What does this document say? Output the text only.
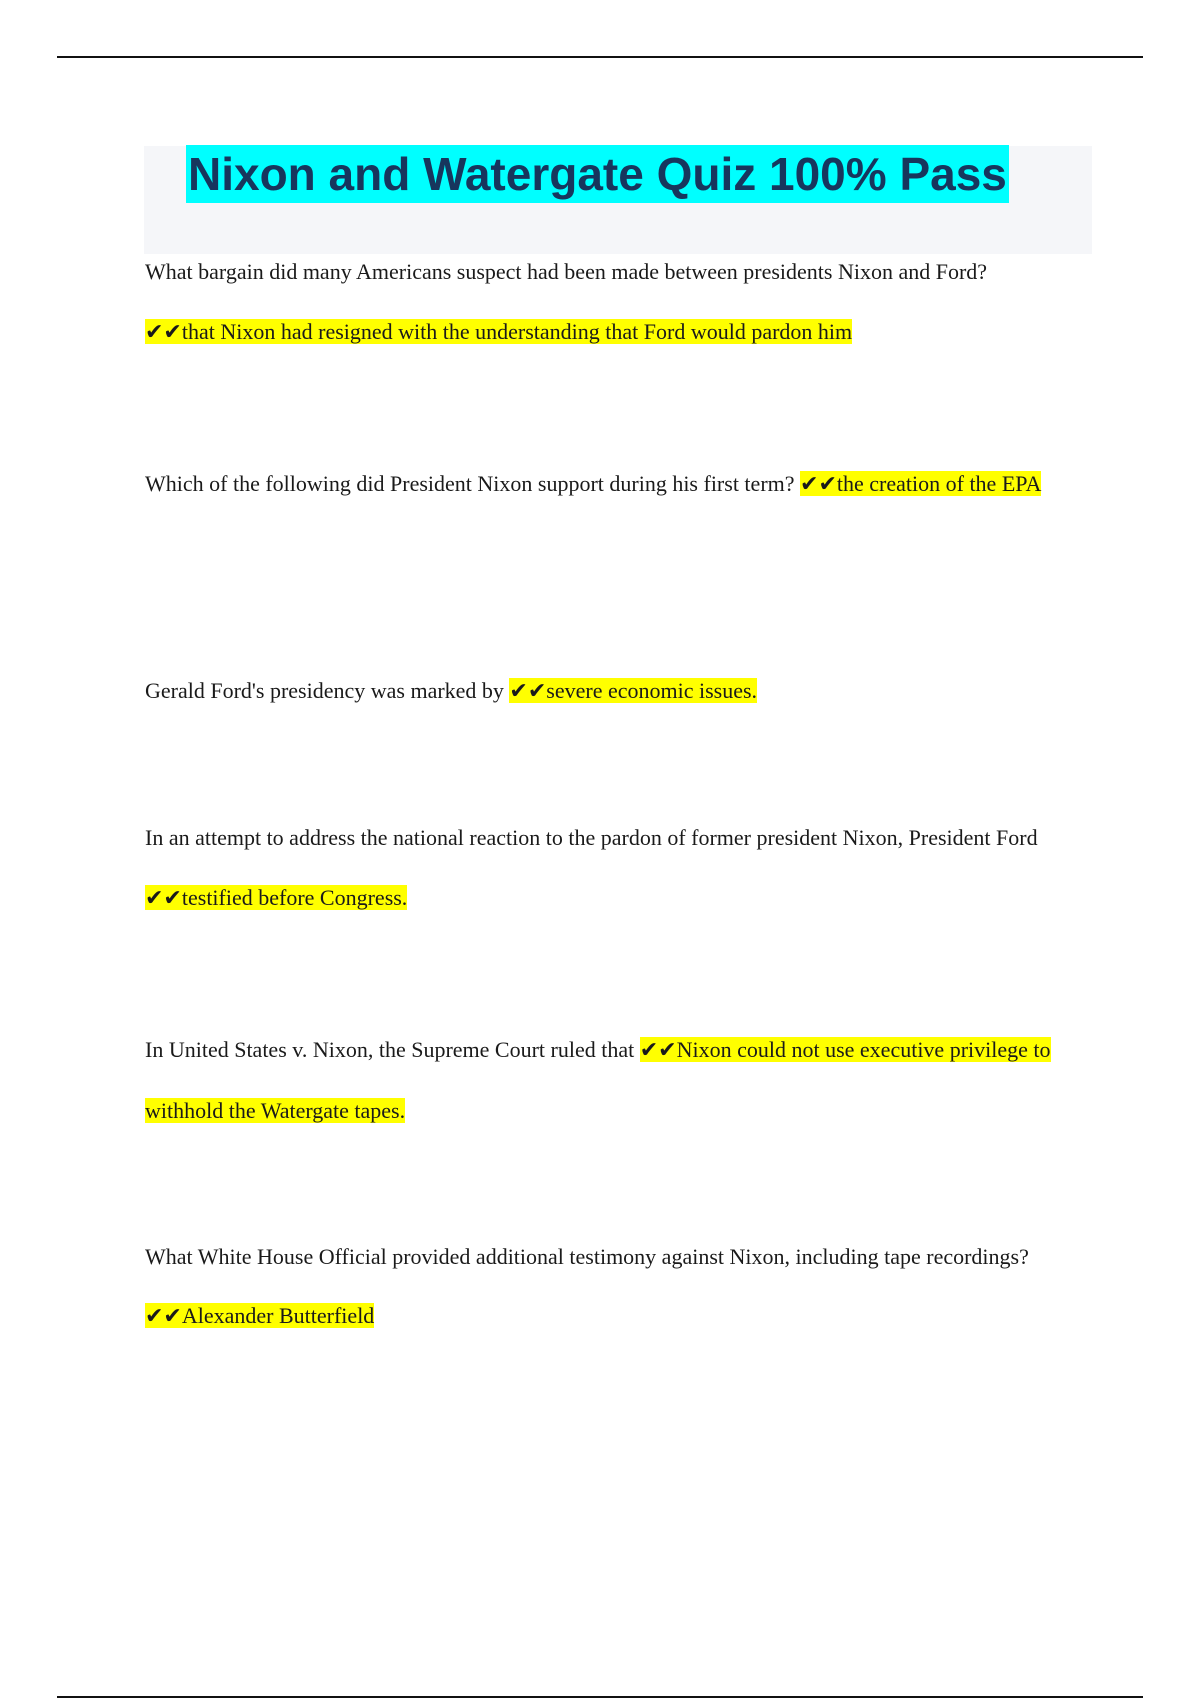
Nixon and Watergate Quiz 100% Pass
What bargain did many Americans suspect had been made between presidents Nixon and Ford?
✔✔that Nixon had resigned with the understanding that Ford would pardon him
Which of the following did President Nixon support during his first term? ✔✔the creation of the EPA
Gerald Ford's presidency was marked by ✔✔severe economic issues.
In an attempt to address the national reaction to the pardon of former president Nixon, President Ford ✔✔testified before Congress.
In United States v. Nixon, the Supreme Court ruled that ✔✔Nixon could not use executive privilege to withhold the Watergate tapes.
What White House Official provided additional testimony against Nixon, including tape recordings? ✔✔Alexander Butterfield
